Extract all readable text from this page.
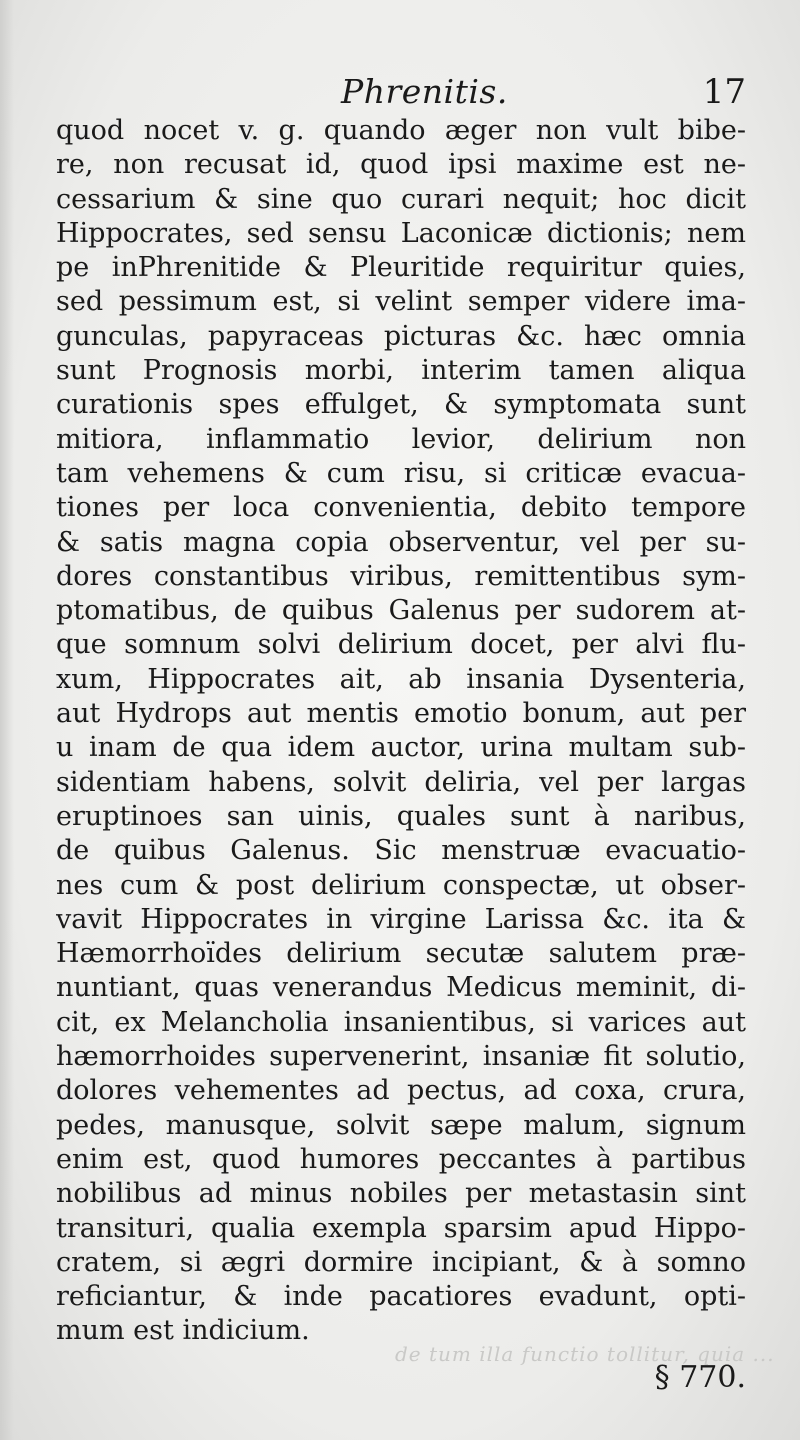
Phrenitis.	17
quod nocet v. g. quando æger non vult bibe-
re, non recusat id, quod ipsi maxime est ne-
cessarium & sine quo curari nequit; hoc dicit
Hippocrates, sed sensu Laconicæ dictionis; nem
pe inPhrenitide & Pleuritide requiritur quies,
sed pessimum est, si velint semper videre ima-
gunculas, papyraceas picturas &c. hæc omnia
sunt Prognosis morbi, interim tamen aliqua
curationis spes effulget, & symptomata sunt
mitiora, inflammatio levior, delirium non
tam vehemens & cum risu, si criticæ evacua-
tiones per loca convenientia, debito tempore
& satis magna copia observentur, vel per su-
dores constantibus viribus, remittentibus sym-
ptomatibus, de quibus Galenus per sudorem at-
que somnum solvi delirium docet, per alvi flu-
xum, Hippocrates ait, ab insania Dysenteria,
aut Hydrops aut mentis emotio bonum, aut per
u inam de qua idem auctor, urina multam sub-
sidentiam habens, solvit deliria, vel per largas
eruptinoes san uinis, quales sunt à naribus,
de quibus Galenus. Sic menstruæ evacuatio-
nes cum & post delirium conspectæ, ut obser-
vavit Hippocrates in virgine Larissa &c. ita &
Hæmorrhoïdes delirium secutæ salutem præ-
nuntiant, quas venerandus Medicus meminit, di-
cit, ex Melancholia insanientibus, si varices aut
hæmorrhoides supervenerint, insaniæ fit solutio,
dolores vehementes ad pectus, ad coxa, crura,
pedes, manusque, solvit sæpe malum, signum
enim est, quod humores peccantes à partibus
nobilibus ad minus nobiles per metastasin sint
transituri, qualia exempla sparsim apud Hippo-
cratem, si ægri dormire incipiant, & à somno
reficiantur, & inde pacatiores evadunt, opti-
mum est indicium.
de tum illa functio tollitur, quia ...
§ 770.
